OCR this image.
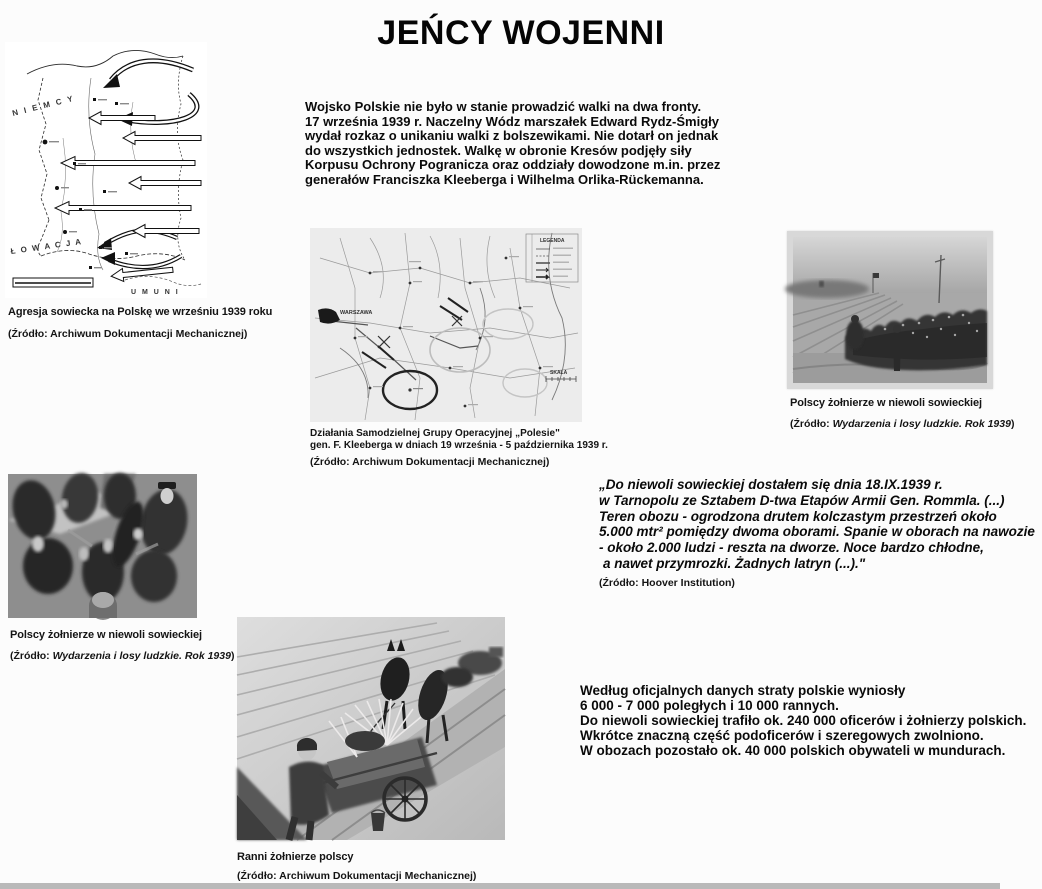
JEŃCY WOJENNI
N I E M C Y
Ł O W A C J A
U M U N I
Agresja sowiecka na Polskę we wrześniu 1939 roku
(Źródło: Archiwum Dokumentacji Mechanicznej)
Wojsko Polskie nie było w stanie prowadzić walki na dwa fronty.
17 września 1939 r. Naczelny Wódz marszałek Edward Rydz-Śmigły
wydał rozkaz o unikaniu walki z bolszewikami. Nie dotarł on jednak
do wszystkich jednostek. Walkę w obronie Kresów podjęły siły
Korpusu Ochrony Pogranicza oraz oddziały dowodzone m.in. przez
generałów Franciszka Kleeberga i Wilhelma Orlika-Rückemanna.
WARSZAWA
LEGENDA
SKALA
Działania Samodzielnej Grupy Operacyjnej „Polesie"
gen. F. Kleeberga w dniach 19 września - 5 października 1939 r.
(Źródło: Archiwum Dokumentacji Mechanicznej)
Polscy żołnierze w niewoli sowieckiej
(Źródło: Wydarzenia i losy ludzkie. Rok 1939)
„Do niewoli sowieckiej dostałem się dnia 18.IX.1939 r.
w Tarnopolu ze Sztabem D-twa Etapów Armii Gen. Rommla. (...)
Teren obozu - ogrodzona drutem kolczastym przestrzeń około
5.000 mtr² pomiędzy dwoma oborami. Spanie w oborach na nawozie
- około 2.000 ludzi - reszta na dworze. Noce bardzo chłodne,
a nawet przymrozki. Żadnych latryn (...)."
(Źródło: Hoover Institution)
Polscy żołnierze w niewoli sowieckiej
(Źródło: Wydarzenia i losy ludzkie. Rok 1939)
Ranni żołnierze polscy
(Źródło: Archiwum Dokumentacji Mechanicznej)
Według oficjalnych danych straty polskie wyniosły
6 000 - 7 000 poległych i 10 000 rannych.
Do niewoli sowieckiej trafiło ok. 240 000 oficerów i żołnierzy polskich.
Wkrótce znaczną część podoficerów i szeregowych zwolniono.
W obozach pozostało ok. 40 000 polskich obywateli w mundurach.
